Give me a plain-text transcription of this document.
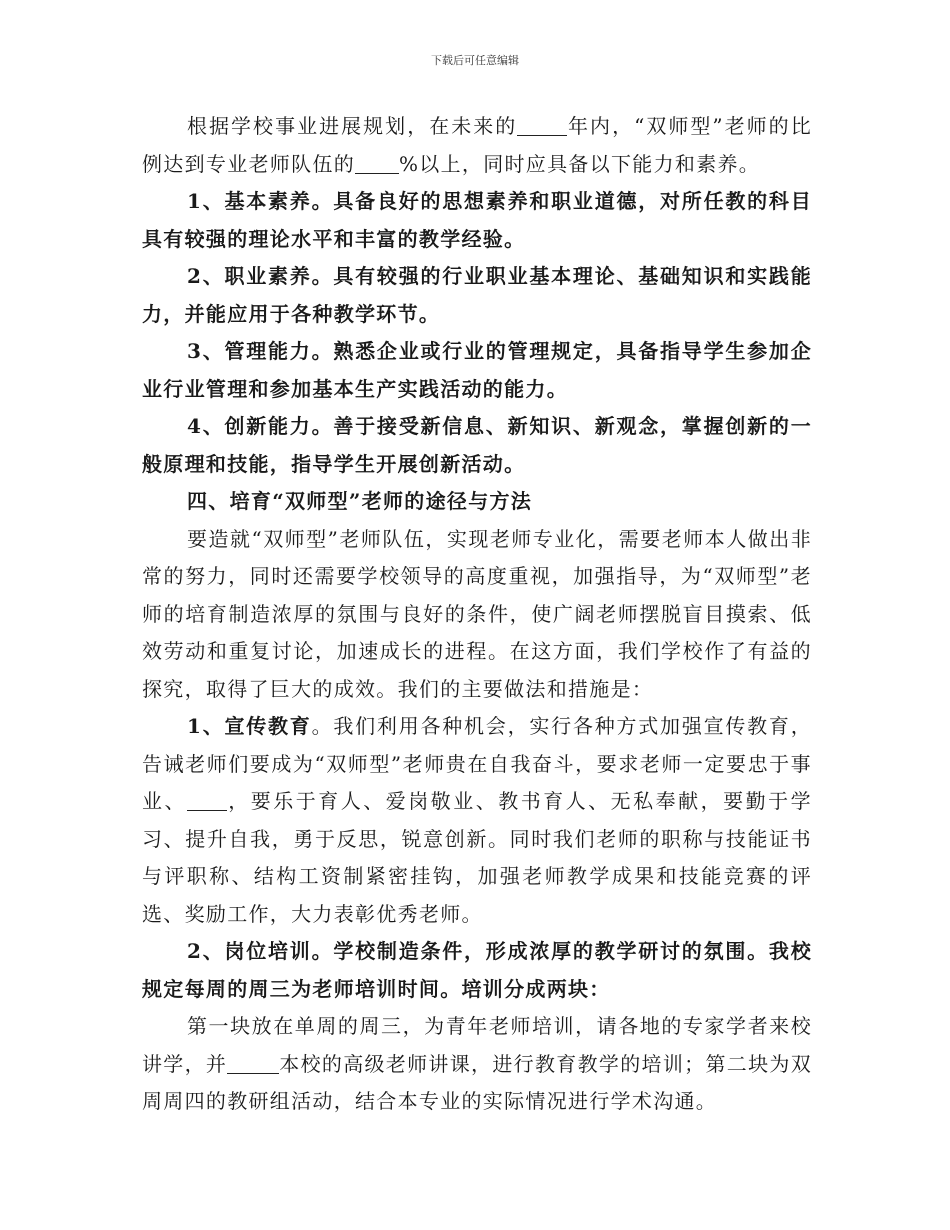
下载后可任意编辑

根据学校事业进展规划，在未来的	年内，“双师型”老师的比例达到专业老师队伍的 %以上，同时应具备以下能力和素养。

1、基本素养。具备良好的思想素养和职业道德，对所任教的科目具有较强的理论水平和丰富的教学经验。

2、职业素养。具有较强的行业职业基本理论、基础知识和实践能力，并能应用于各种教学环节。

3、管理能力。熟悉企业或行业的管理规定，具备指导学生参加企业行业管理和参加基本生产实践活动的能力。

4、创新能力。善于接受新信息、新知识、新观念，掌握创新的一般原理和技能，指导学生开展创新活动。

四、培育“双师型”老师的途径与方法

要造就“双师型”老师队伍，实现老师专业化，需要老师本人做出非常的努力，同时还需要学校领导的高度重视，加强指导，为“双师型”老师的培育制造浓厚的氛围与良好的条件，使广阔老师摆脱盲目摸索、低效劳动和重复讨论，加速成长的进程。在这方面，我们学校作了有益的探究，取得了巨大的成效。我们的主要做法和措施是：

1、宣传教育。我们利用各种机会，实行各种方式加强宣传教育，告诫老师们要成为“双师型”老师贵在自我奋斗，要求老师一定要忠于事业、 ，要乐于育人、爱岗敬业、教书育人、无私奉献，要勤于学习、提升自我，勇于反思，锐意创新。同时我们老师的职称与技能证书与评职称、结构工资制紧密挂钩，加强老师教学成果和技能竞赛的评选、奖励工作，大力表彰优秀老师。

2、岗位培训。学校制造条件，形成浓厚的教学研讨的氛围。我校规定每周的周三为老师培训时间。培训分成两块：

第一块放在单周的周三，为青年老师培训，请各地的专家学者来校讲学，并	本校的高级老师讲课，进行教育教学的培训；第二块为双周周四的教研组活动，结合本专业的实际情况进行学术沟通。
